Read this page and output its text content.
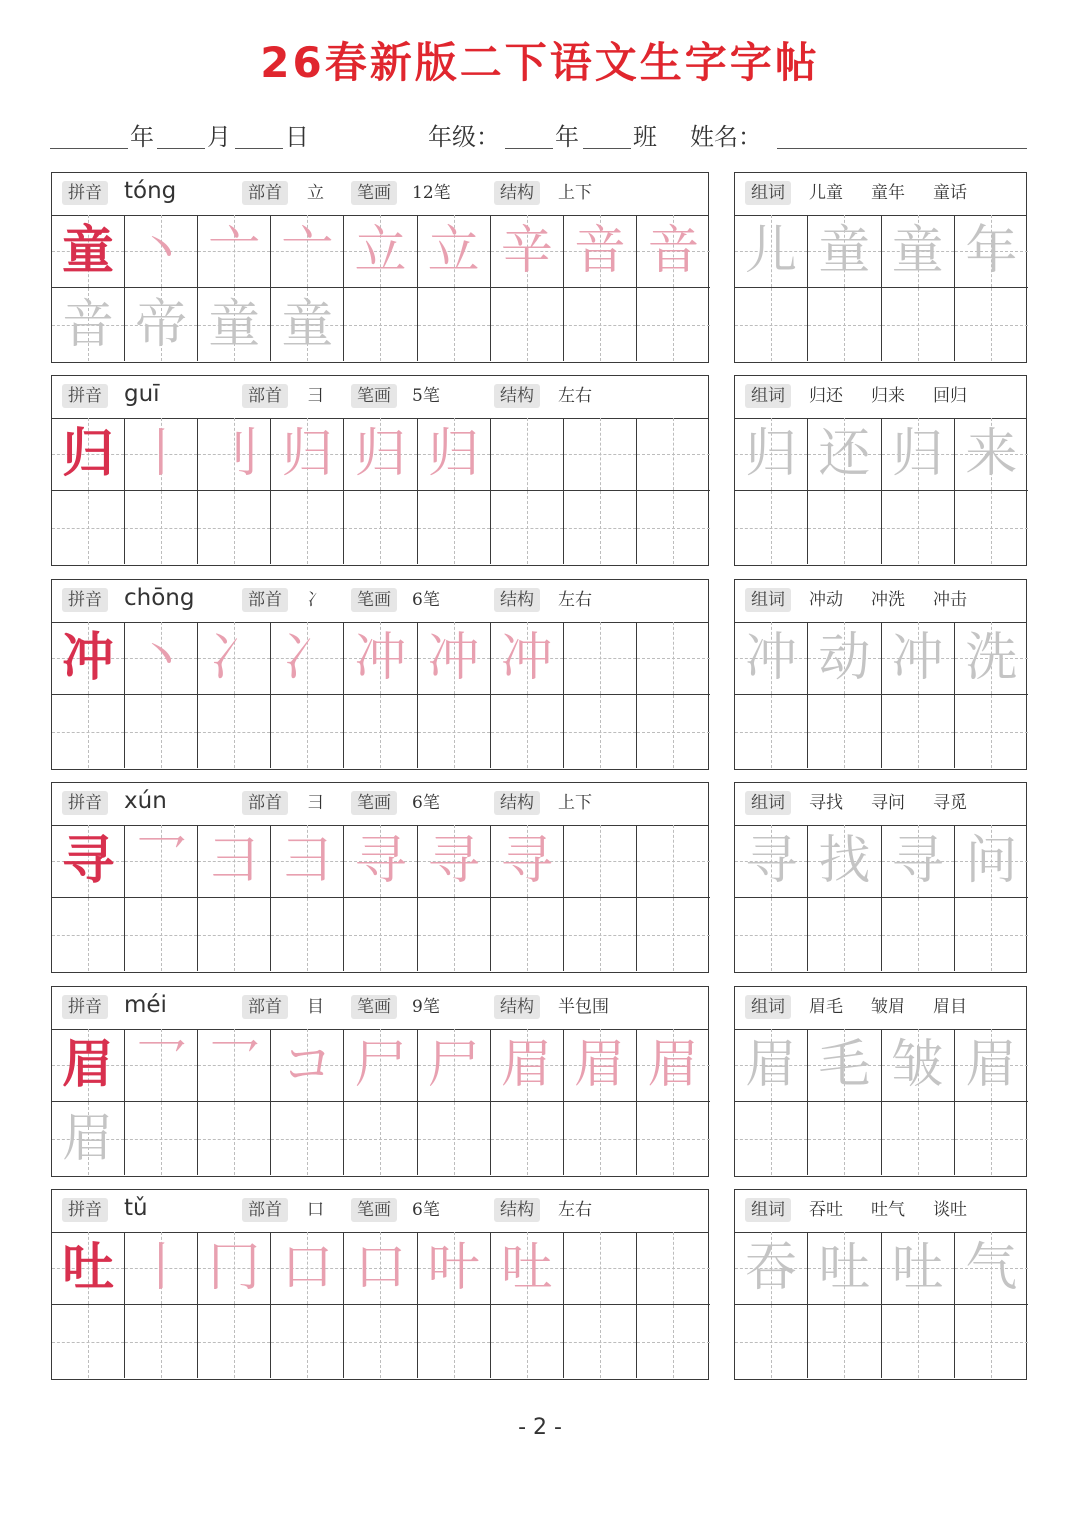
26春新版二下语文生字字帖
年 月 日	年级： 年 班 姓名：
拼音 tóng	部首	立	笔画	12笔	结构	上下
童 丶 亠 亠 立 立 辛 音 音
音 帝 童 童
组词	儿童 童年 童话
儿 童 童 年
拼音 guī	部首	彐	笔画	5笔	结构	左右
归 丨 刂 归 归 归
组词	归还 归来 回归
归 还 归 来
拼音 chōng	部首	冫	笔画	6笔	结构	左右
冲 丶 冫 冫 冲 冲 冲
组词	冲动 冲洗 冲击
冲 动 冲 洗
拼音 xún	部首	彐	笔画	6笔	结构	上下
寻 乛 彐 彐 寻 寻 寻
组词	寻找 寻问 寻觅
寻 找 寻 问
拼音 méi	部首	目	笔画	9笔	结构	半包围
眉 乛 乛 コ 尸 尸 眉 眉 眉
眉
组词	眉毛 皱眉 眉目
眉 毛 皱 眉
拼音 tǔ	部首	口	笔画	6笔	结构	左右
吐 丨 冂 口 口 叶 吐
组词	吞吐 吐气 谈吐
吞 吐 吐 气
- 2 -
